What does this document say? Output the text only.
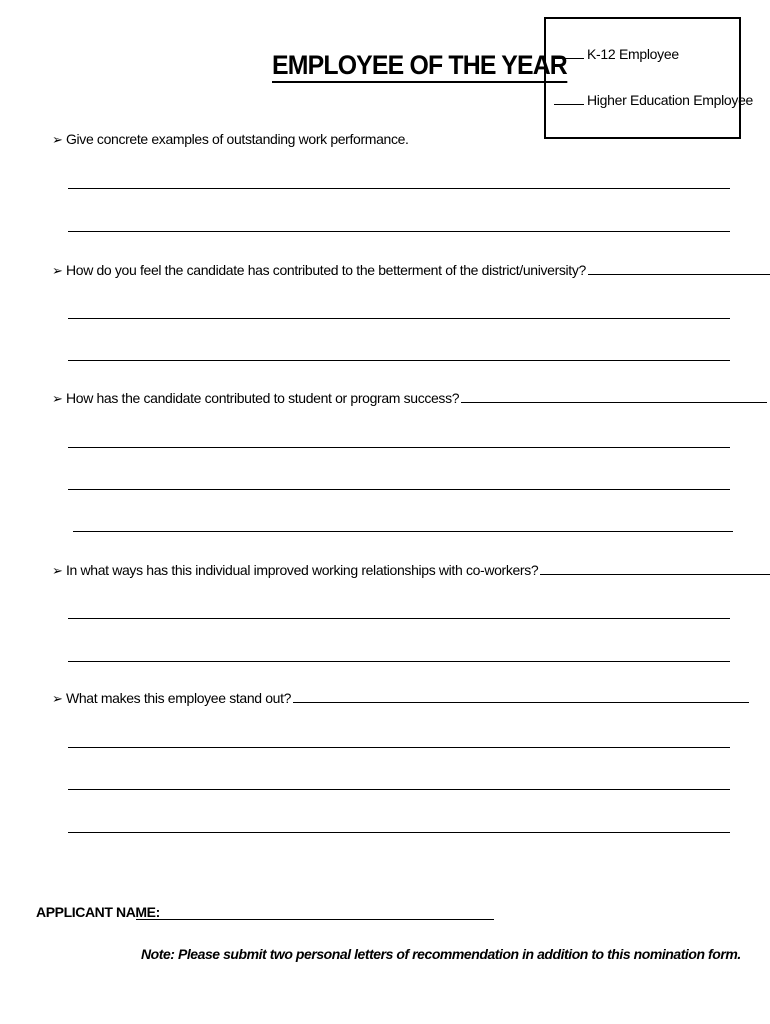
EMPLOYEE OF THE YEAR	K-12 Employee
Higher Education Employee
➢ Give concrete examples of outstanding work performance.
➢ How do you feel the candidate has contributed to the betterment of the district/university?
➢ How has the candidate contributed to student or program success?
➢ In what ways has this individual improved working relationships with co-workers?
➢ What makes this employee stand out?
APPLICANT NAME:
Note: Please submit two personal letters of recommendation in addition to this nomination form.
